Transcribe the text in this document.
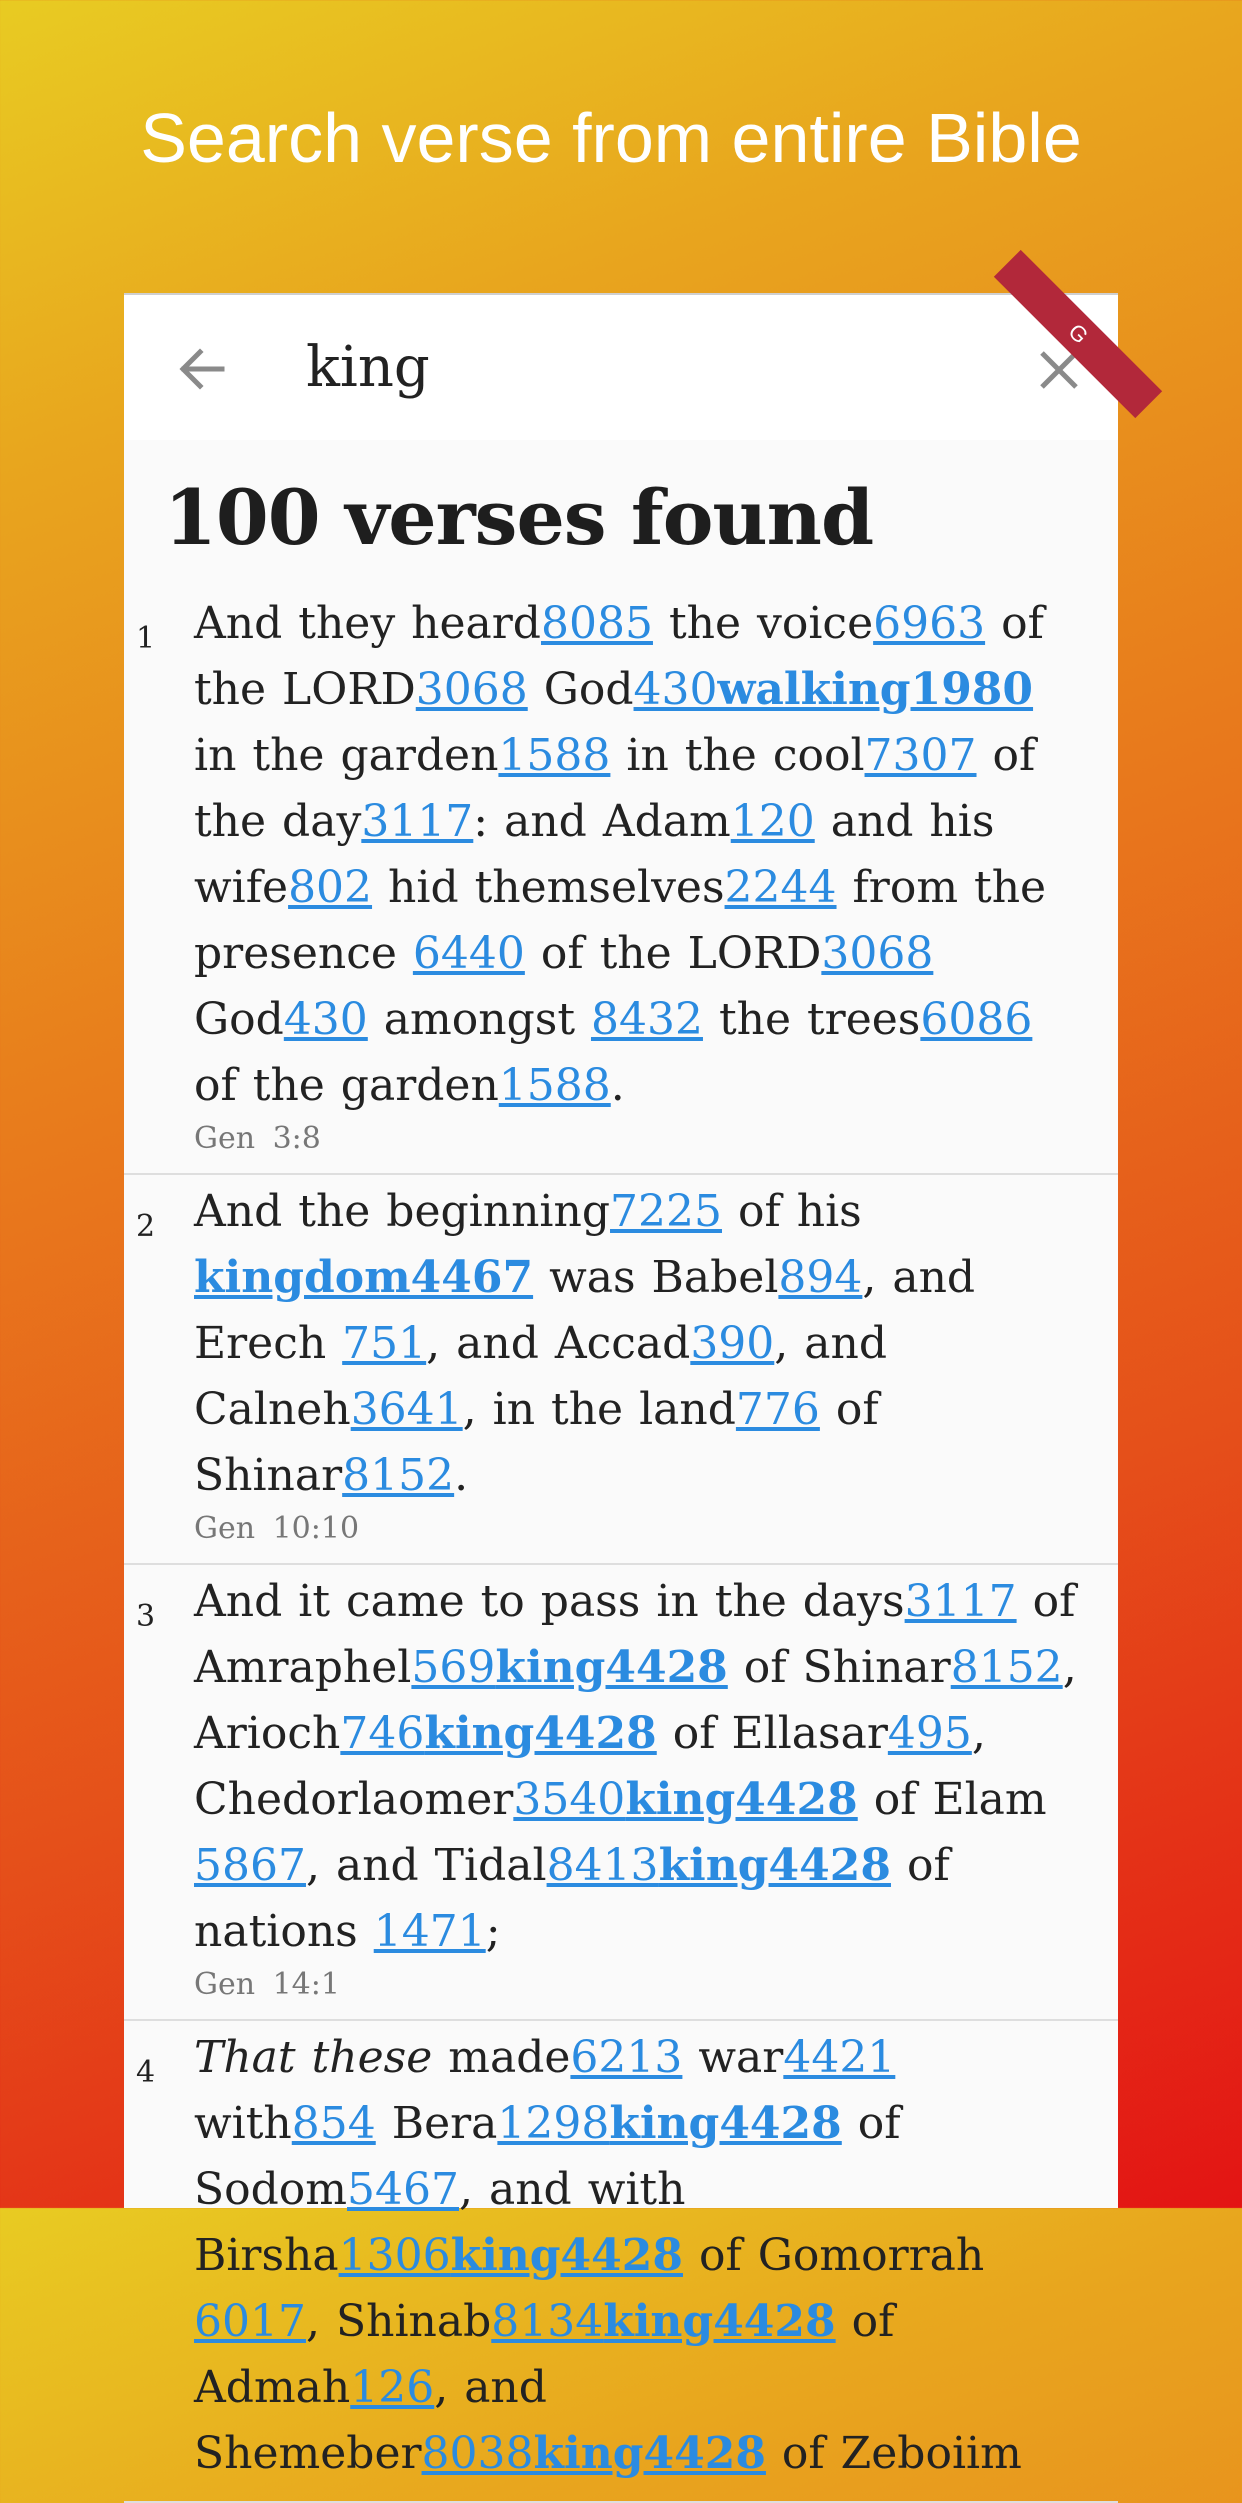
Search verse from entire Bible
king
G
100 verses found
1 And they heard8085 the voice6963 of the LORD3068 God430walking1980 in the garden1588 in the cool7307 of the day3117: and Adam120 and his wife802 hid themselves2244 from the presence 6440 of the LORD3068 God430 amongst 8432 the trees6086 of the garden1588.
Gen 3:8
2 And the beginning7225 of his kingdom4467 was Babel894, and Erech 751, and Accad390, and Calneh3641, in the land776 of Shinar8152.
Gen 10:10
3 And it came to pass in the days3117 of Amraphel569king4428 of Shinar8152, Arioch746king4428 of Ellasar495, Chedorlaomer3540king4428 of Elam 5867, and Tidal8413king4428 of nations 1471;
Gen 14:1
4 That these made6213 war4421 with854 Bera1298king4428 of Sodom5467, and with Birsha1306king4428 of Gomorrah 6017, Shinab8134king4428 of Admah126, and Shemeber8038king4428 of Zeboiim
